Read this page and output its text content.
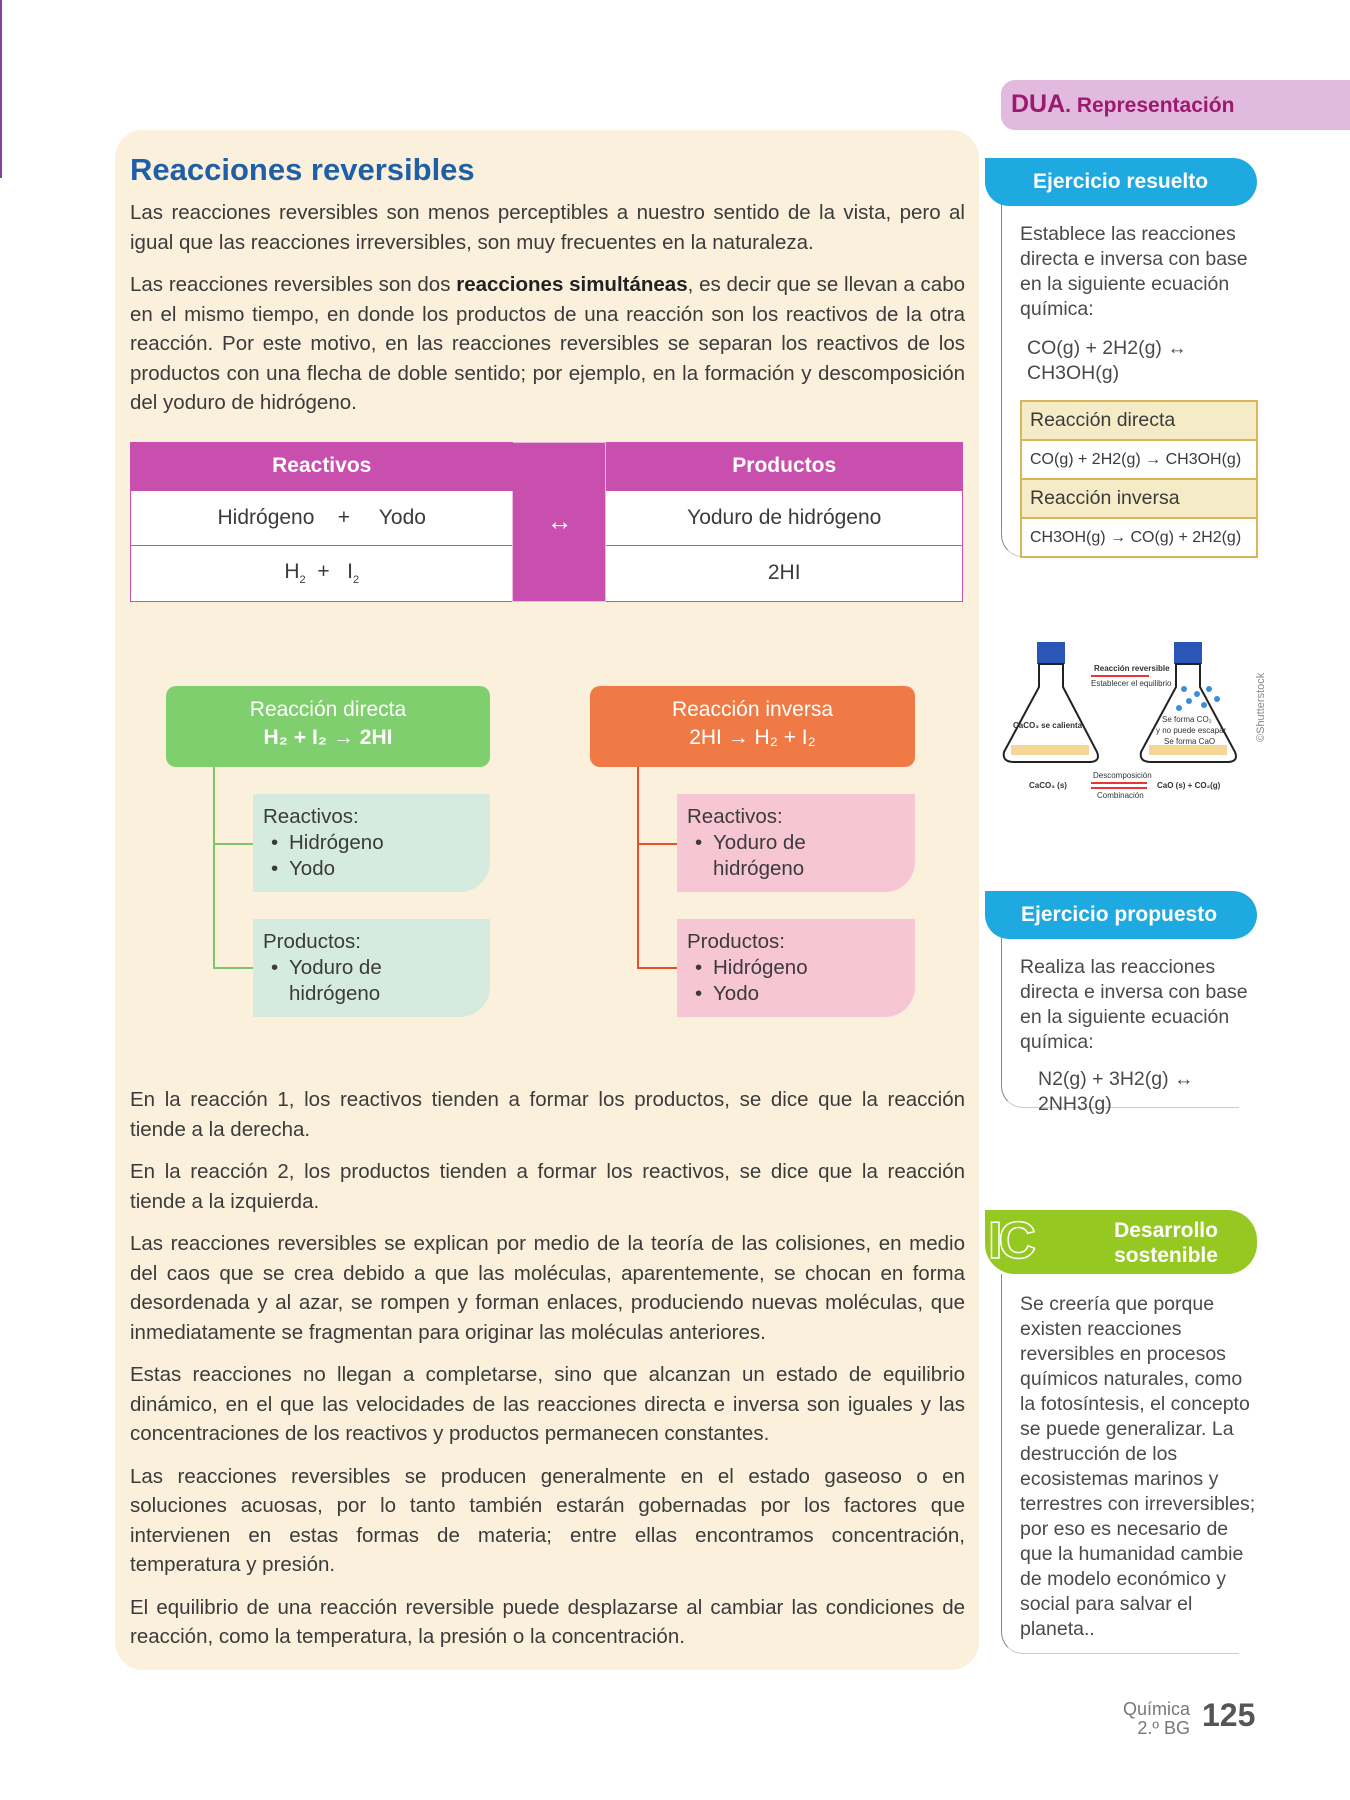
DUA. Representación
Reacciones reversibles
Las reacciones reversibles son menos perceptibles a nuestro sentido de la vista, pero al igual que las reacciones irreversibles, son muy frecuentes en la naturaleza.
Las reacciones reversibles son dos reacciones simultáneas, es decir que se llevan a cabo en el mismo tiempo, en donde los productos de una reacción son los reactivos de la otra reacción. Por este motivo, en las reacciones reversibles se separan los reactivos de los productos con una flecha de doble sentido; por ejemplo, en la formación y descomposición del yoduro de hidrógeno.
Reactivos	↔	Productos
Hidrógeno    +     Yodo		Yoduro de hidrógeno
$H_2 + I_2$		2HI
Reacción directa
H₂ + I₂ → 2HI
Reactivos:
• Hidrógeno
• Yodo
Productos:
• Yoduro de hidrógeno
Reacción inversa
2HI → H₂ + I₂
Reactivos:
• Yoduro de hidrógeno
Productos:
• Hidrógeno
• Yodo
En la reacción 1, los reactivos tienden a formar los productos, se dice que la reacción tiende a la derecha.
En la reacción 2, los productos tienden a formar los reactivos, se dice que la reacción tiende a la izquierda.
Las reacciones reversibles se explican por medio de la teoría de las colisiones, en medio del caos que se crea debido a que las moléculas, aparentemente, se chocan en forma desordenada y al azar, se rompen y forman enlaces, produciendo nuevas moléculas, que inmediatamente se fragmentan para originar las moléculas anteriores.
Estas reacciones no llegan a completarse, sino que alcanzan un estado de equilibrio dinámico, en el que las velocidades de las reacciones directa e inversa son iguales y las concentraciones de los reactivos y productos permanecen constantes.
Las reacciones reversibles se producen generalmente en el estado gaseoso o en soluciones acuosas, por lo tanto también estarán gobernadas por los factores que intervienen en estas formas de materia; entre ellas encontramos concentración, temperatura y presión.
El equilibrio de una reacción reversible puede desplazarse al cambiar las condiciones de reacción, como la temperatura, la presión o la concentración.
Ejercicio resuelto
Establece las reacciones directa e inversa con base en la siguiente ecuación química:
CO(g) + 2H2(g) ↔ CH3OH(g)
Reacción directa
CO(g) + 2H2(g) → CH3OH(g)
Reacción inversa
CH3OH(g) → CO(g) + 2H2(g)
Reacción reversible
Establecer el equilibrio
CaCO₃ se calienta
Se forma CO₂
y no puede escapar
Se forma CaO
CaCO₃ (s)
Descomposición
Combinación
CaO (s) + CO₂(g)
©Shutterstock
Ejercicio propuesto
Realiza las reacciones directa e inversa con base en la siguiente ecuación química:
N2(g) + 3H2(g) ↔ 2NH3(g)
Desarrollo sostenible
IC
Se creería que porque existen reacciones reversibles en procesos químicos naturales, como la fotosíntesis, el concepto se puede generalizar. La destrucción de los ecosistemas marinos y terrestres con irreversibles; por eso es necesario de que la humanidad cambie de modelo económico y social para salvar el planeta..
Química
2.º BG 125
